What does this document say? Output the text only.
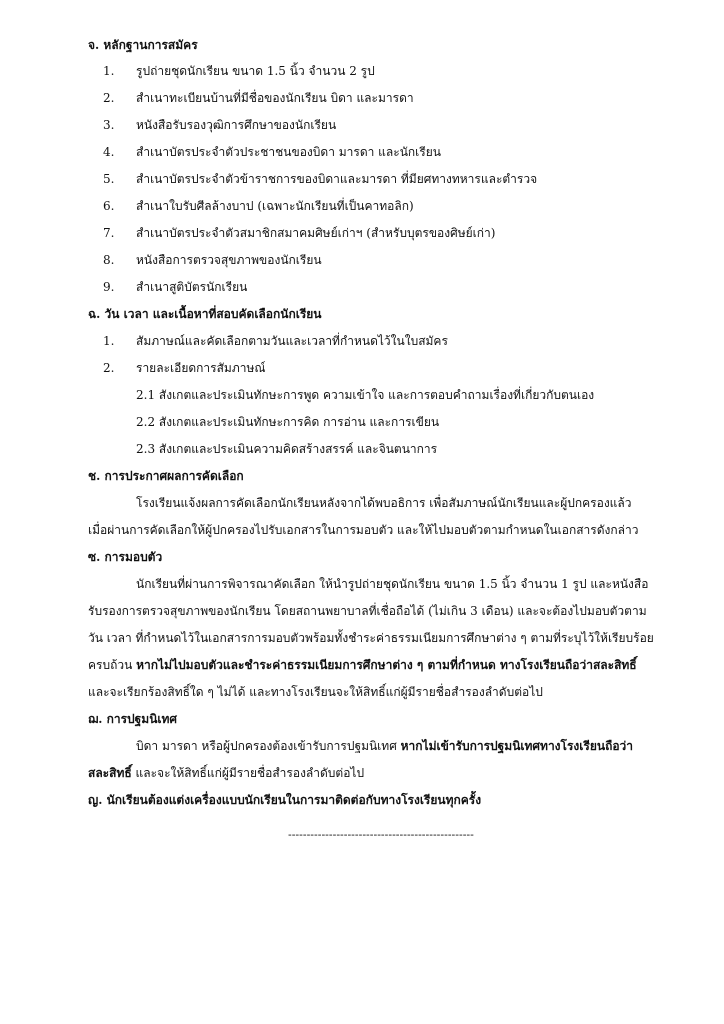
จ. หลักฐานการสมัคร
1. รูปถ่ายชุดนักเรียน ขนาด 1.5 นิ้ว จำนวน 2 รูป
2. สำเนาทะเบียนบ้านที่มีชื่อของนักเรียน บิดา และมารดา
3. หนังสือรับรองวุฒิการศึกษาของนักเรียน
4. สำเนาบัตรประจำตัวประชาชนของบิดา มารดา และนักเรียน
5. สำเนาบัตรประจำตัวข้าราชการของบิดาและมารดา ที่มียศทางทหารและตำรวจ
6. สำเนาใบรับศีลล้างบาป (เฉพาะนักเรียนที่เป็นคาทอลิก)
7. สำเนาบัตรประจำตัวสมาชิกสมาคมศิษย์เก่าฯ (สำหรับบุตรของศิษย์เก่า)
8. หนังสือการตรวจสุขภาพของนักเรียน
9. สำเนาสูติบัตรนักเรียน
ฉ. วัน เวลา และเนื้อหาที่สอบคัดเลือกนักเรียน
1. สัมภาษณ์และคัดเลือกตามวันและเวลาที่กำหนดไว้ในใบสมัคร
2. รายละเอียดการสัมภาษณ์
2.1 สังเกตและประเมินทักษะการพูด ความเข้าใจ และการตอบคำถามเรื่องที่เกี่ยวกับตนเอง
2.2 สังเกตและประเมินทักษะการคิด การอ่าน และการเขียน
2.3 สังเกตและประเมินความคิดสร้างสรรค์ และจินตนาการ
ช. การประกาศผลการคัดเลือก
โรงเรียนแจ้งผลการคัดเลือกนักเรียนหลังจากได้พบอธิการ เพื่อสัมภาษณ์นักเรียนและผู้ปกครองแล้ว
เมื่อผ่านการคัดเลือกให้ผู้ปกครองไปรับเอกสารในการมอบตัว และให้ไปมอบตัวตามกำหนดในเอกสารดังกล่าว
ซ. การมอบตัว
นักเรียนที่ผ่านการพิจารณาคัดเลือก ให้นำรูปถ่ายชุดนักเรียน ขนาด 1.5 นิ้ว จำนวน 1 รูป และหนังสือ
รับรองการตรวจสุขภาพของนักเรียน โดยสถานพยาบาลที่เชื่อถือได้ (ไม่เกิน 3 เดือน) และจะต้องไปมอบตัวตาม
วัน เวลา ที่กำหนดไว้ในเอกสารการมอบตัวพร้อมทั้งชำระค่าธรรมเนียมการศึกษาต่าง ๆ ตามที่ระบุไว้ให้เรียบร้อย
ครบถ้วน หากไม่ไปมอบตัวและชำระค่าธรรมเนียมการศึกษาต่าง ๆ ตามที่กำหนด ทางโรงเรียนถือว่าสละสิทธิ์
และจะเรียกร้องสิทธิ์ใด ๆ ไม่ได้ และทางโรงเรียนจะให้สิทธิ์แก่ผู้มีรายชื่อสำรองลำดับต่อไป
ฌ. การปฐมนิเทศ
บิดา มารดา หรือผู้ปกครองต้องเข้ารับการปฐมนิเทศ หากไม่เข้ารับการปฐมนิเทศทางโรงเรียนถือว่า
สละสิทธิ์ และจะให้สิทธิ์แก่ผู้มีรายชื่อสำรองลำดับต่อไป
ญ. นักเรียนต้องแต่งเครื่องแบบนักเรียนในการมาติดต่อกับทางโรงเรียนทุกครั้ง
--------------------------------------------------
